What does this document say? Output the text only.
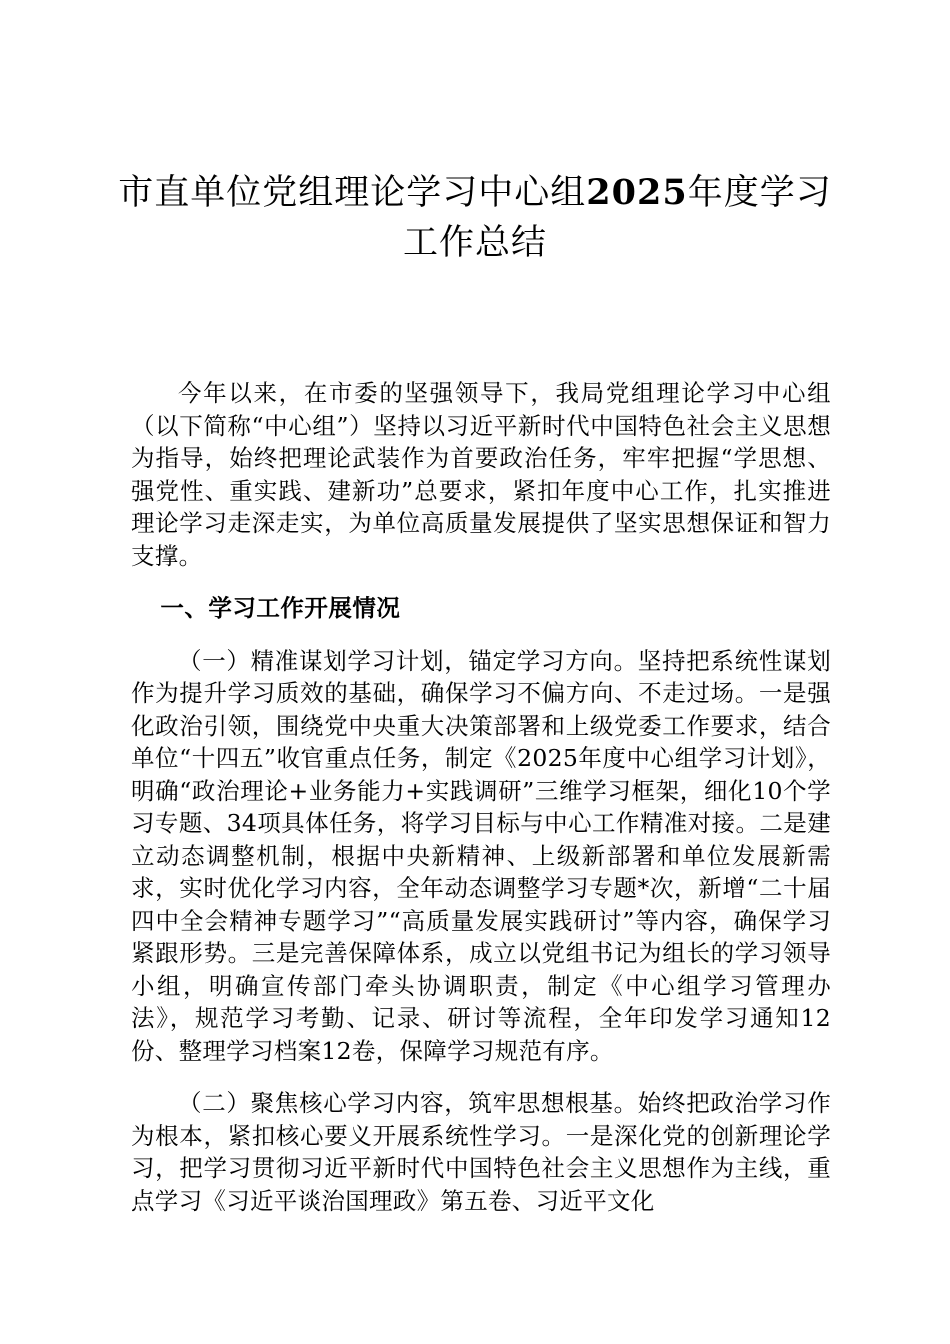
市直单位党组理论学习中心组2025年度学习
工作总结

今年以来，在市委的坚强领导下，我局党组理论学习中心组（以下简称“中心组”）坚持以习近平新时代中国特色社会主义思想为指导，始终把理论武装作为首要政治任务，牢牢把握“学思想、强党性、重实践、建新功”总要求，紧扣年度中心工作，扎实推进理论学习走深走实，为单位高质量发展提供了坚实思想保证和智力支撑。

一、学习工作开展情况

（一）精准谋划学习计划，锚定学习方向。坚持把系统性谋划作为提升学习质效的基础，确保学习不偏方向、不走过场。一是强化政治引领，围绕党中央重大决策部署和上级党委工作要求，结合单位“十四五”收官重点任务，制定《2025年度中心组学习计划》，明确“政治理论+业务能力+实践调研”三维学习框架，细化10个学习专题、34项具体任务，将学习目标与中心工作精准对接。二是建立动态调整机制，根据中央新精神、上级新部署和单位发展新需求，实时优化学习内容，全年动态调整学习专题*次，新增“二十届四中全会精神专题学习”“高质量发展实践研讨”等内容，确保学习紧跟形势。三是完善保障体系，成立以党组书记为组长的学习领导小组，明确宣传部门牵头协调职责，制定《中心组学习管理办法》，规范学习考勤、记录、研讨等流程，全年印发学习通知12份、整理学习档案12卷，保障学习规范有序。

（二）聚焦核心学习内容，筑牢思想根基。始终把政治学习作为根本，紧扣核心要义开展系统性学习。一是深化党的创新理论学习，把学习贯彻习近平新时代中国特色社会主义思想作为主线，重点学习《习近平谈治国理政》第五卷、习近平文化
